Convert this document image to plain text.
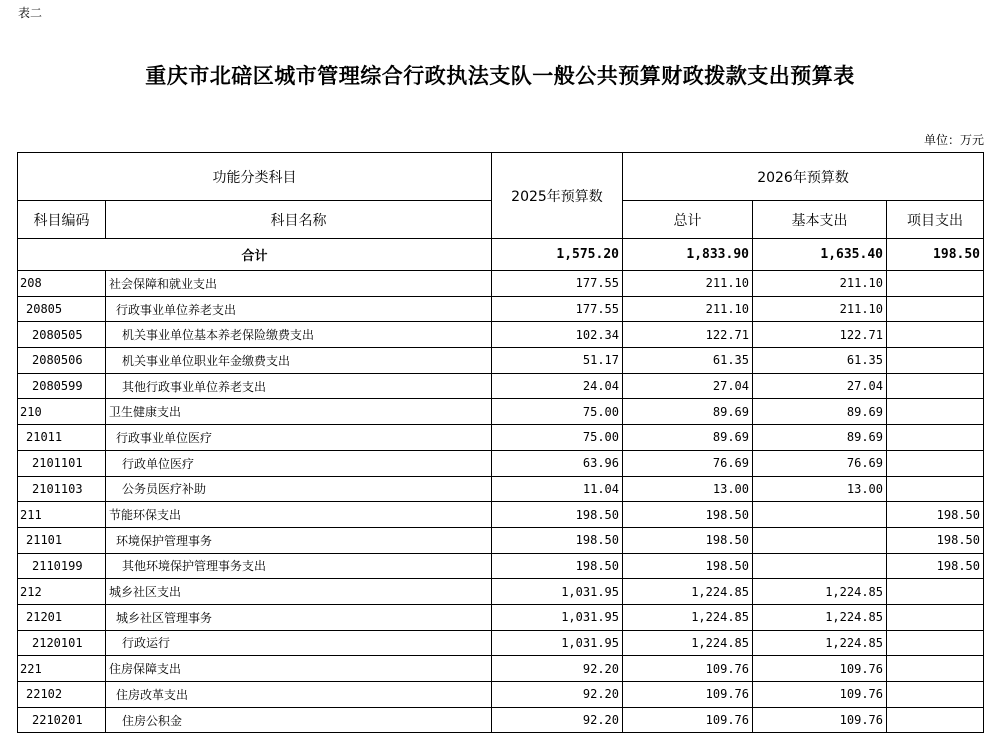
表二
重庆市北碚区城市管理综合行政执法支队一般公共预算财政拨款支出预算表
单位：万元
功能分类科目		2025年预算数	2026年预算数		
科目编码	科目名称		总计	基本支出	项目支出
合计		1,575.20	1,833.90	1,635.40	198.50
208	社会保障和就业支出	177.55	211.10	211.10	
20805	行政事业单位养老支出	177.55	211.10	211.10	
2080505	机关事业单位基本养老保险缴费支出	102.34	122.71	122.71	
2080506	机关事业单位职业年金缴费支出	51.17	61.35	61.35	
2080599	其他行政事业单位养老支出	24.04	27.04	27.04	
210	卫生健康支出	75.00	89.69	89.69	
21011	行政事业单位医疗	75.00	89.69	89.69	
2101101	行政单位医疗	63.96	76.69	76.69	
2101103	公务员医疗补助	11.04	13.00	13.00	
211	节能环保支出	198.50	198.50		198.50
21101	环境保护管理事务	198.50	198.50		198.50
2110199	其他环境保护管理事务支出	198.50	198.50		198.50
212	城乡社区支出	1,031.95	1,224.85	1,224.85	
21201	城乡社区管理事务	1,031.95	1,224.85	1,224.85	
2120101	行政运行	1,031.95	1,224.85	1,224.85	
221	住房保障支出	92.20	109.76	109.76	
22102	住房改革支出	92.20	109.76	109.76	
2210201	住房公积金	92.20	109.76	109.76	
